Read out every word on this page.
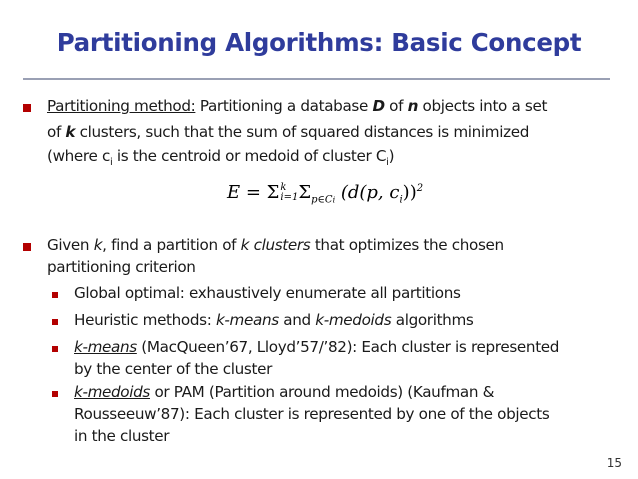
Partitioning Algorithms: Basic Concept
Partitioning method: Partitioning a database D of n objects into a set
of k clusters, such that the sum of squared distances is minimized
(where $c_i$ is the centroid or medoid of cluster $C_i$)
E = Σ k
i=1 $\Sigma_{p\in Ci}$ (d(p, $c_i))^2$
Given k, find a partition of k clusters that optimizes the chosen
partitioning criterion
Global optimal: exhaustively enumerate all partitions
Heuristic methods: k-means and k-medoids algorithms
k-means (MacQueen’67, Lloyd’57/’82): Each cluster is represented
by the center of the cluster
k-medoids or PAM (Partition around medoids) (Kaufman &
Rousseeuw’87): Each cluster is represented by one of the objects
in the cluster
15
